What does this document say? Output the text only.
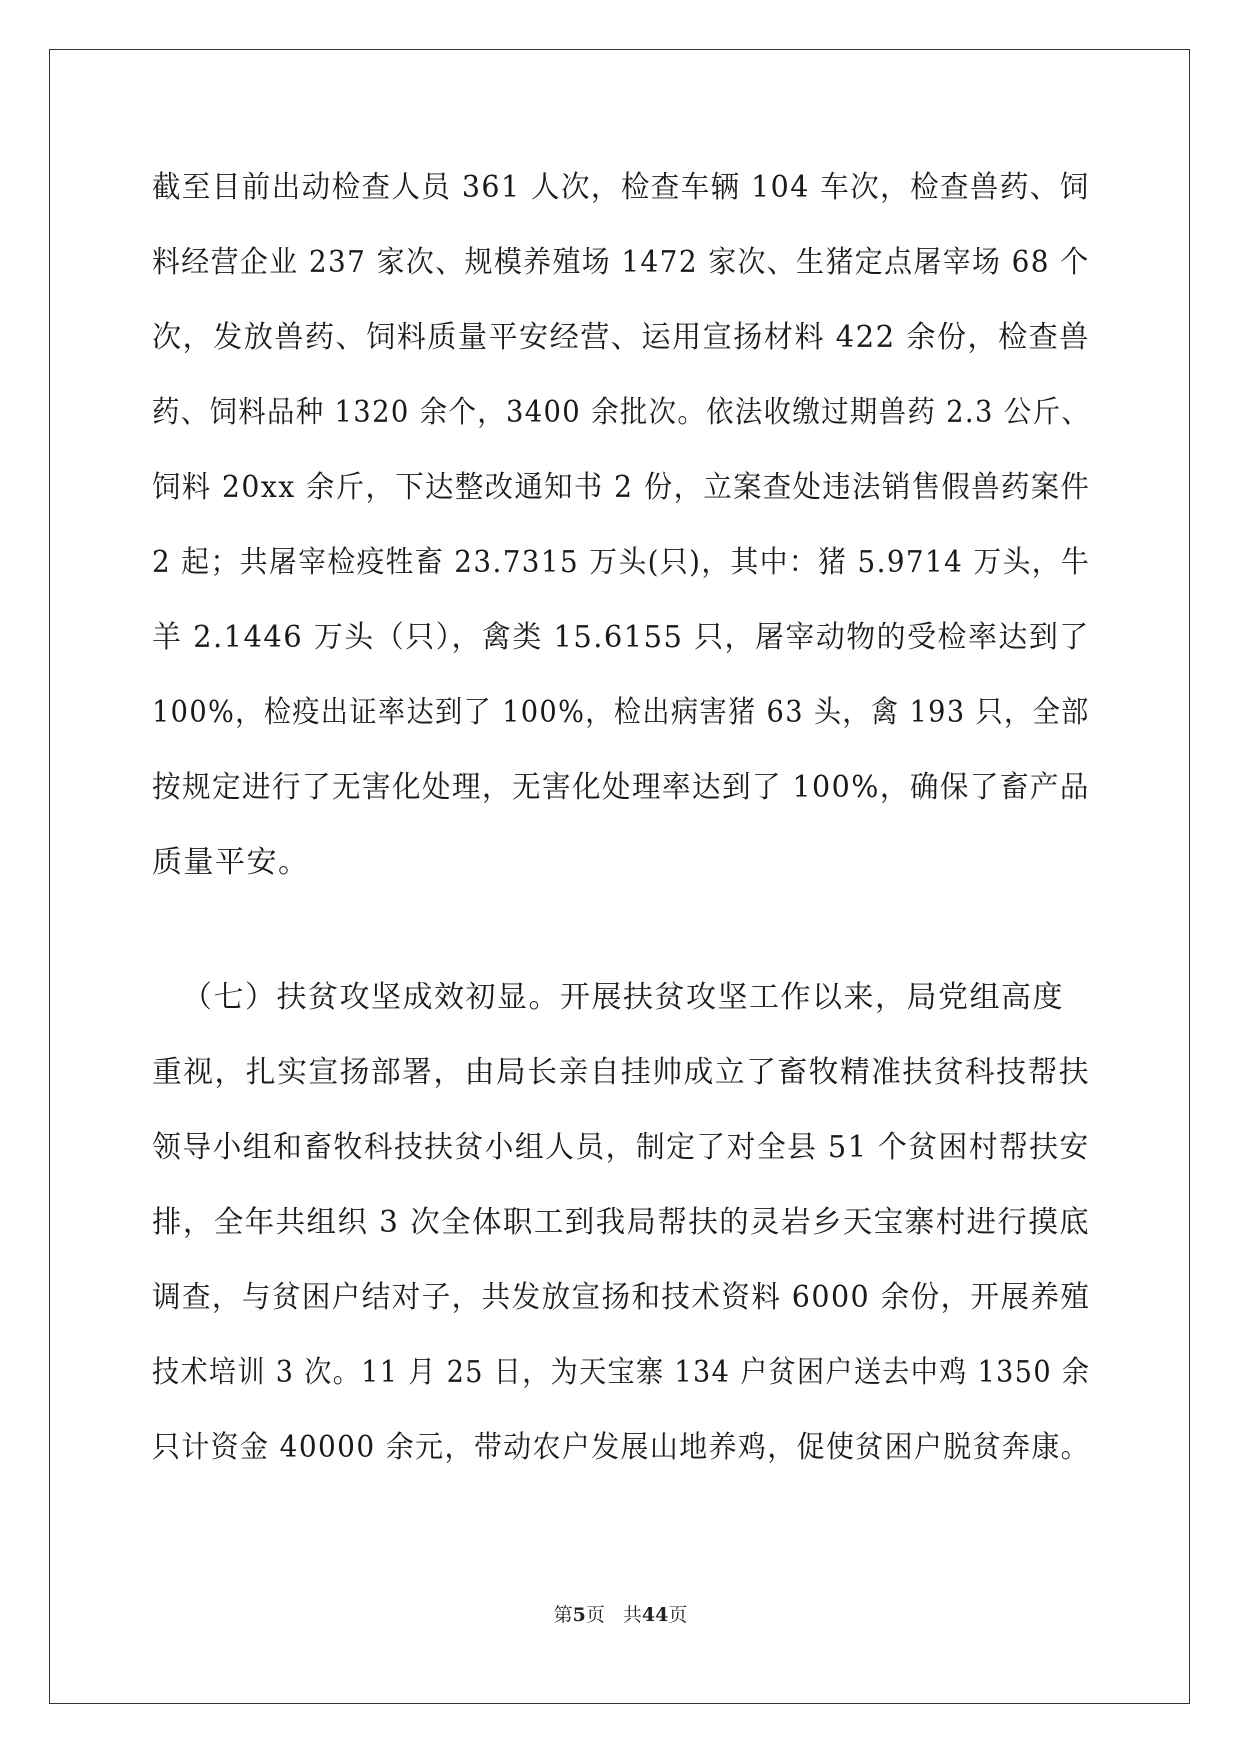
截至目前出动检查人员 361 人次，检查车辆 104 车次，检查兽药、饲
料经营企业 237 家次、规模养殖场 1472 家次、生猪定点屠宰场 68 个
次，发放兽药、饲料质量平安经营、运用宣扬材料 422 余份，检查兽
药、饲料品种 1320 余个，3400 余批次。依法收缴过期兽药 2.3 公斤、
饲料 20xx 余斤，下达整改通知书 2 份，立案查处违法销售假兽药案件
2 起；共屠宰检疫牲畜 23.7315 万头(只)，其中：猪 5.9714 万头，牛
羊 2.1446 万头（只），禽类 15.6155 只，屠宰动物的受检率达到了
100%，检疫出证率达到了 100%，检出病害猪 63 头，禽 193 只，全部
按规定进行了无害化处理，无害化处理率达到了 100%，确保了畜产品
质量平安。
（七）扶贫攻坚成效初显。开展扶贫攻坚工作以来，局党组高度
重视，扎实宣扬部署，由局长亲自挂帅成立了畜牧精准扶贫科技帮扶
领导小组和畜牧科技扶贫小组人员，制定了对全县 51 个贫困村帮扶安
排，全年共组织 3 次全体职工到我局帮扶的灵岩乡天宝寨村进行摸底
调查，与贫困户结对子，共发放宣扬和技术资料 6000 余份，开展养殖
技术培训 3 次。11 月 25 日，为天宝寨 134 户贫困户送去中鸡 1350 余
只计资金 40000 余元，带动农户发展山地养鸡，促使贫困户脱贫奔康。
第5页 共44页
